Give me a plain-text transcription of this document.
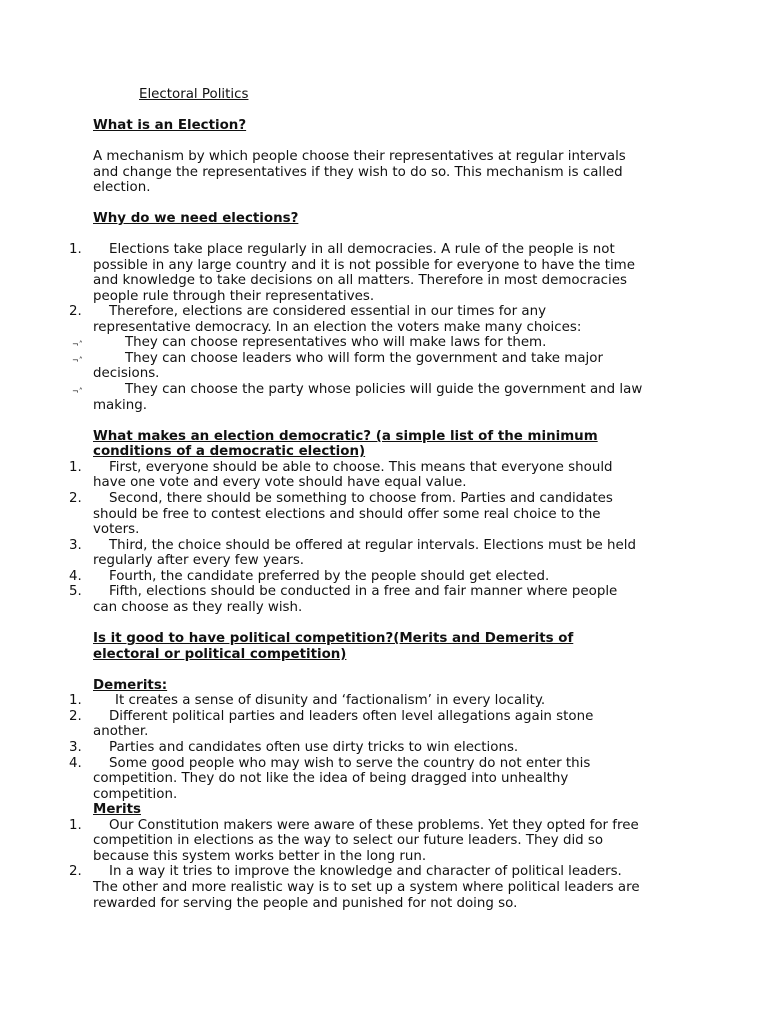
Electoral Politics
What is an Election?
A mechanism by which people choose their representatives at regular intervals
and change the representatives if they wish to do so. This mechanism is called
election.
Why do we need elections?
1. Elections take place regularly in all democracies. A rule of the people is not
possible in any large country and it is not possible for everyone to have the time
and knowledge to take decisions on all matters. Therefore in most democracies
people rule through their representatives.
2. Therefore, elections are considered essential in our times for any
representative democracy. In an election the voters make many choices:
¬˄	They can choose representatives who will make laws for them.
¬˄	They can choose leaders who will form the government and take major
decisions.
¬˄	They can choose the party whose policies will guide the government and law
making.
What makes an election democratic? (a simple list of the minimum
conditions of a democratic election)
1. First, everyone should be able to choose. This means that everyone should
have one vote and every vote should have equal value.
2. Second, there should be something to choose from. Parties and candidates
should be free to contest elections and should offer some real choice to the
voters.
3. Third, the choice should be offered at regular intervals. Elections must be held
regularly after every few years.
4. Fourth, the candidate preferred by the people should get elected.
5. Fifth, elections should be conducted in a free and fair manner where people
can choose as they really wish.
Is it good to have political competition?(Merits and Demerits of
electoral or political competition)
Demerits:
1. It creates a sense of disunity and ‘factionalism’ in every locality.
2. Different political parties and leaders often level allegations again stone
another.
3. Parties and candidates often use dirty tricks to win elections.
4. Some good people who may wish to serve the country do not enter this
competition. They do not like the idea of being dragged into unhealthy
competition.
Merits
1. Our Constitution makers were aware of these problems. Yet they opted for free
competition in elections as the way to select our future leaders. They did so
because this system works better in the long run.
2. In a way it tries to improve the knowledge and character of political leaders.
The other and more realistic way is to set up a system where political leaders are
rewarded for serving the people and punished for not doing so.
